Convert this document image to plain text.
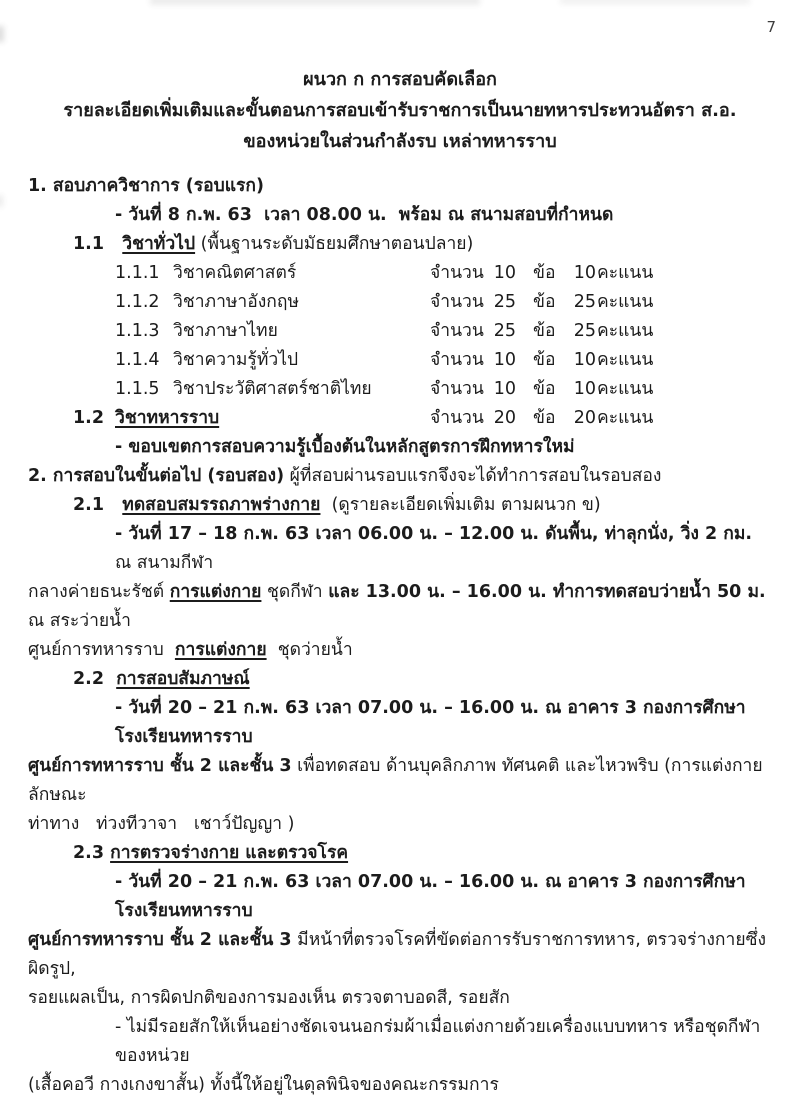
7
ผนวก ก การสอบคัดเลือก
รายละเอียดเพิ่มเติมและขั้นตอนการสอบเข้ารับราชการเป็นนายทหารประทวนอัตรา ส.อ.
ของหน่วยในส่วนกำลังรบ เหล่าทหารราบ
1. สอบภาควิชาการ (รอบแรก)
- วันที่ 8 ก.พ. 63  เวลา 08.00 น.  พร้อม ณ สนามสอบที่กำหนด
1.1   วิชาทั่วไป (พื้นฐานระดับมัธยมศึกษาตอนปลาย)
1.1.1 วิชาคณิตศาสตร์	จำนวน 10 ข้อ	10 คะแนน
1.1.2 วิชาภาษาอังกฤษ	จำนวน 25 ข้อ	25 คะแนน
1.1.3 วิชาภาษาไทย	จำนวน 25 ข้อ	25 คะแนน
1.1.4 วิชาความรู้ทั่วไป	จำนวน 10 ข้อ	10 คะแนน
1.1.5 วิชาประวัติศาสตร์ชาติไทย	จำนวน 10 ข้อ	10 คะแนน
1.2 วิชาทหารราบ	จำนวน 20 ข้อ	20 คะแนน
- ขอบเขตการสอบความรู้เบื้องต้นในหลักสูตรการฝึกทหารใหม่
2. การสอบในขั้นต่อไป (รอบสอง) ผู้ที่สอบผ่านรอบแรกจึงจะได้ทำการสอบในรอบสอง
2.1   ทดสอบสมรรถภาพร่างกาย  (ดูรายละเอียดเพิ่มเติม ตามผนวก ข)
- วันที่ 17 – 18 ก.พ. 63 เวลา 06.00 น. – 12.00 น. ดันพื้น, ท่าลุกนั่ง, วิ่ง 2 กม. ณ สนามกีฬา
กลางค่ายธนะรัชต์ การแต่งกาย ชุดกีฬา และ 13.00 น. – 16.00 น. ทำการทดสอบว่ายน้ำ 50 ม.  ณ สระว่ายน้ำ
ศูนย์การทหารราบ  การแต่งกาย  ชุดว่ายน้ำ
2.2  การสอบสัมภาษณ์
- วันที่ 20 – 21 ก.พ. 63 เวลา 07.00 น. – 16.00 น. ณ อาคาร 3 กองการศึกษา โรงเรียนทหารราบ
ศูนย์การทหารราบ ชั้น 2 และชั้น 3 เพื่อทดสอบ ด้านบุคลิกภาพ ทัศนคติ และไหวพริบ (การแต่งกาย ลักษณะ
ท่าทาง   ท่วงทีวาจา   เชาว์ปัญญา )
2.3 การตรวจร่างกาย และตรวจโรค
- วันที่ 20 – 21 ก.พ. 63 เวลา 07.00 น. – 16.00 น. ณ อาคาร 3 กองการศึกษา โรงเรียนทหารราบ
ศูนย์การทหารราบ ชั้น 2 และชั้น 3 มีหน้าที่ตรวจโรคที่ขัดต่อการรับราชการทหาร, ตรวจร่างกายซึ่งผิดรูป,
รอยแผลเป็น, การผิดปกติของการมองเห็น ตรวจตาบอดสี, รอยสัก
- ไม่มีรอยสักให้เห็นอย่างชัดเจนนอกร่มผ้าเมื่อแต่งกายด้วยเครื่องแบบทหาร หรือชุดกีฬาของหน่วย
(เสื้อคอวี กางเกงขาสั้น) ทั้งนี้ให้อยู่ในดุลพินิจของคณะกรรมการ
